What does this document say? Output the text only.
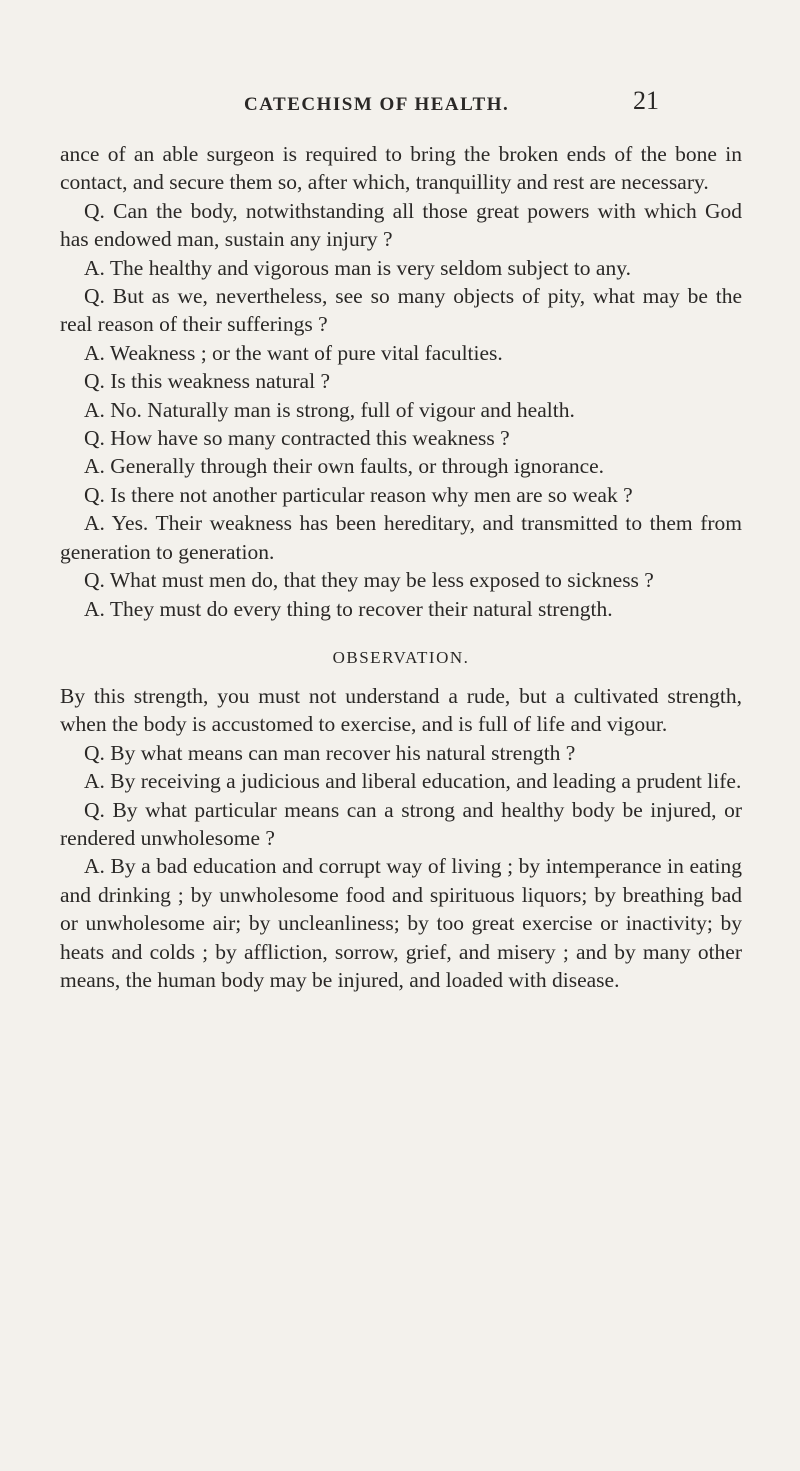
CATECHISM OF HEALTH.	21

ance of an able surgeon is required to bring the broken ends of the bone in contact, and secure them so, after which, tranquillity and rest are necessary.

Q. Can the body, notwithstanding all those great powers with which God has endowed man, sustain any injury ?

A. The healthy and vigorous man is very seldom subject to any.

Q. But as we, nevertheless, see so many objects of pity, what may be the real reason of their sufferings ?

A. Weakness ; or the want of pure vital faculties.

Q. Is this weakness natural ?

A. No. Naturally man is strong, full of vigour and health.

Q. How have so many contracted this weakness ?

A. Generally through their own faults, or through ignorance.

Q. Is there not another particular reason why men are so weak ?

A. Yes. Their weakness has been hereditary, and transmitted to them from generation to generation.

Q. What must men do, that they may be less exposed to sickness ?

A. They must do every thing to recover their natural strength.

OBSERVATION.

By this strength, you must not understand a rude, but a cultivated strength, when the body is accustomed to exercise, and is full of life and vigour.

Q. By what means can man recover his natural strength ?

A. By receiving a judicious and liberal education, and leading a prudent life.

Q. By what particular means can a strong and healthy body be injured, or rendered unwholesome ?

A. By a bad education and corrupt way of living ; by intemperance in eating and drinking ; by unwholesome food and spirituous liquors; by breathing bad or unwholesome air; by uncleanliness; by too great exercise or inactivity; by heats and colds ; by affliction, sorrow, grief, and misery ; and by many other means, the human body may be injured, and loaded with disease.
